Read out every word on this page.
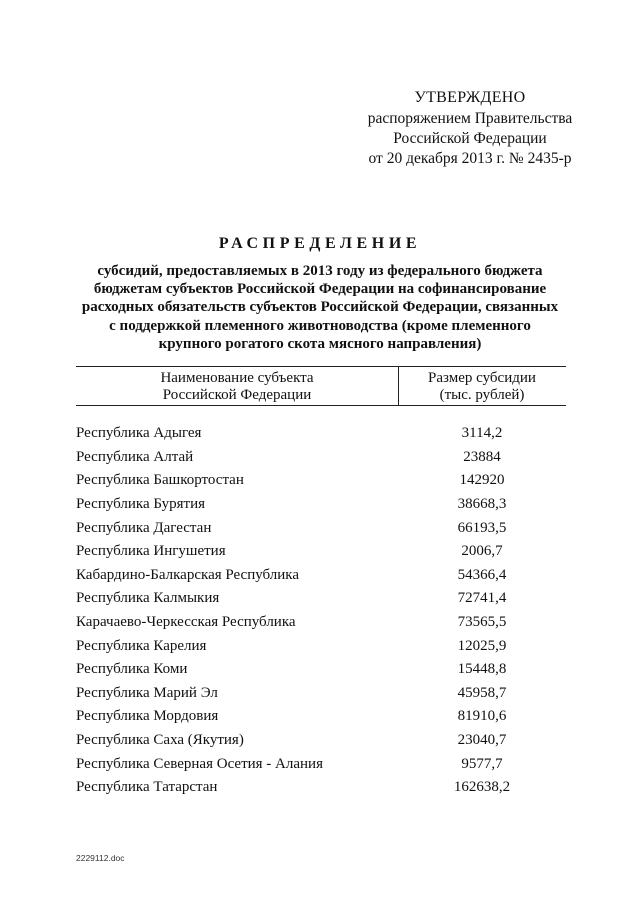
УТВЕРЖДЕНО
распоряжением Правительства
Российской Федерации
от 20 декабря 2013 г. № 2435-р
РАСПРЕДЕЛЕНИЕ
субсидий, предоставляемых в 2013 году из федерального бюджета
бюджетам субъектов Российской Федерации на софинансирование
расходных обязательств субъектов Российской Федерации, связанных
с поддержкой племенного животноводства (кроме племенного
крупного рогатого скота мясного направления)
Наименование субъекта
Российской Федерации
Размер субсидии
(тыс. рублей)
Республика Адыгея	3114,2
Республика Алтай	23884
Республика Башкортостан	142920
Республика Бурятия	38668,3
Республика Дагестан	66193,5
Республика Ингушетия	2006,7
Кабардино-Балкарская Республика	54366,4
Республика Калмыкия	72741,4
Карачаево-Черкесская Республика	73565,5
Республика Карелия	12025,9
Республика Коми	15448,8
Республика Марий Эл	45958,7
Республика Мордовия	81910,6
Республика Саха (Якутия)	23040,7
Республика Северная Осетия - Алания	9577,7
Республика Татарстан	162638,2
2229112.doc
